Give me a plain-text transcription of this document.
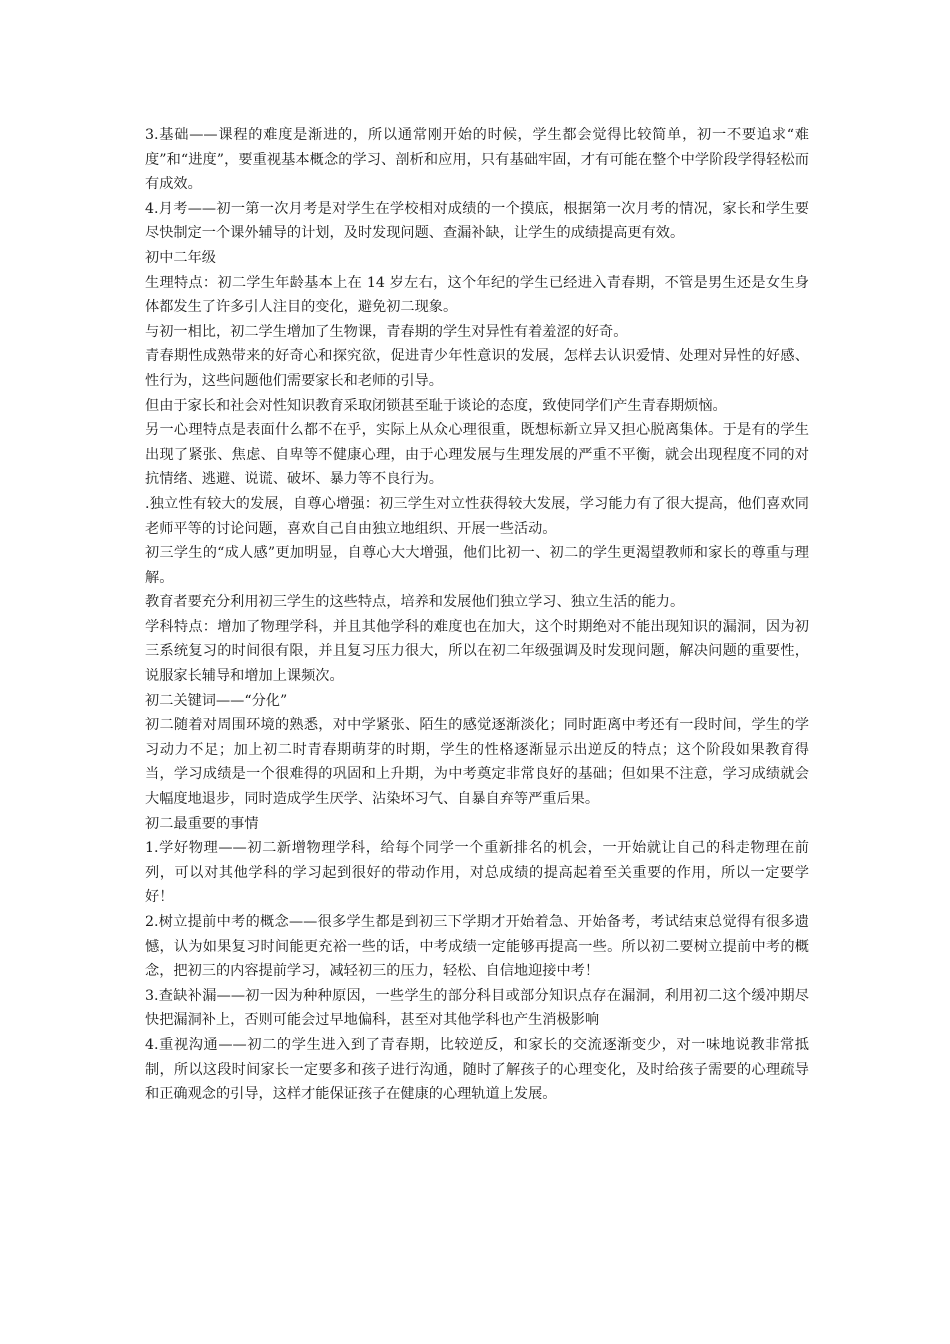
3.基础——课程的难度是渐进的，所以通常刚开始的时候，学生都会觉得比较简单，初一不要追求“难度”和“进度”，要重视基本概念的学习、剖析和应用，只有基础牢固，才有可能在整个中学阶段学得轻松而有成效。

4.月考——初一第一次月考是对学生在学校相对成绩的一个摸底，根据第一次月考的情况，家长和学生要尽快制定一个课外辅导的计划，及时发现问题、查漏补缺，让学生的成绩提高更有效。

初中二年级

生理特点：初二学生年龄基本上在 14 岁左右，这个年纪的学生已经进入青春期，不管是男生还是女生身体都发生了许多引人注目的变化，避免初二现象。

与初一相比，初二学生增加了生物课，青春期的学生对异性有着羞涩的好奇。

青春期性成熟带来的好奇心和探究欲，促进青少年性意识的发展，怎样去认识爱情、处理对异性的好感、性行为，这些问题他们需要家长和老师的引导。

但由于家长和社会对性知识教育采取闭锁甚至耻于谈论的态度，致使同学们产生青春期烦恼。

另一心理特点是表面什么都不在乎，实际上从众心理很重，既想标新立异又担心脱离集体。于是有的学生出现了紧张、焦虑、自卑等不健康心理，由于心理发展与生理发展的严重不平衡，就会出现程度不同的对抗情绪、逃避、说谎、破坏、暴力等不良行为。

.独立性有较大的发展，自尊心增强：初三学生对立性获得较大发展，学习能力有了很大提高，他们喜欢同老师平等的讨论问题，喜欢自己自由独立地组织、开展一些活动。

初三学生的“成人感”更加明显，自尊心大大增强，他们比初一、初二的学生更渴望教师和家长的尊重与理解。

教育者要充分利用初三学生的这些特点，培养和发展他们独立学习、独立生活的能力。

学科特点：增加了物理学科，并且其他学科的难度也在加大，这个时期绝对不能出现知识的漏洞，因为初三系统复习的时间很有限，并且复习压力很大，所以在初二年级强调及时发现问题，解决问题的重要性，说服家长辅导和增加上课频次。

初二关键词——“分化”

初二随着对周围环境的熟悉，对中学紧张、陌生的感觉逐渐淡化；同时距离中考还有一段时间，学生的学习动力不足；加上初二时青春期萌芽的时期，学生的性格逐渐显示出逆反的特点；这个阶段如果教育得当，学习成绩是一个很难得的巩固和上升期，为中考奠定非常良好的基础；但如果不注意，学习成绩就会大幅度地退步，同时造成学生厌学、沾染坏习气、自暴自弃等严重后果。

初二最重要的事情

1.学好物理——初二新增物理学科，给每个同学一个重新排名的机会，一开始就让自己的科走物理在前列，可以对其他学科的学习起到很好的带动作用，对总成绩的提高起着至关重要的作用，所以一定要学好！

2.树立提前中考的概念——很多学生都是到初三下学期才开始着急、开始备考，考试结束总觉得有很多遗憾，认为如果复习时间能更充裕一些的话，中考成绩一定能够再提高一些。所以初二要树立提前中考的概念，把初三的内容提前学习，减轻初三的压力，轻松、自信地迎接中考！

3.查缺补漏——初一因为种种原因，一些学生的部分科目或部分知识点存在漏洞，利用初二这个缓冲期尽快把漏洞补上，否则可能会过早地偏科，甚至对其他学科也产生消极影响

4.重视沟通——初二的学生进入到了青春期，比较逆反，和家长的交流逐渐变少，对一味地说教非常抵制，所以这段时间家长一定要多和孩子进行沟通，随时了解孩子的心理变化，及时给孩子需要的心理疏导和正确观念的引导，这样才能保证孩子在健康的心理轨道上发展。
